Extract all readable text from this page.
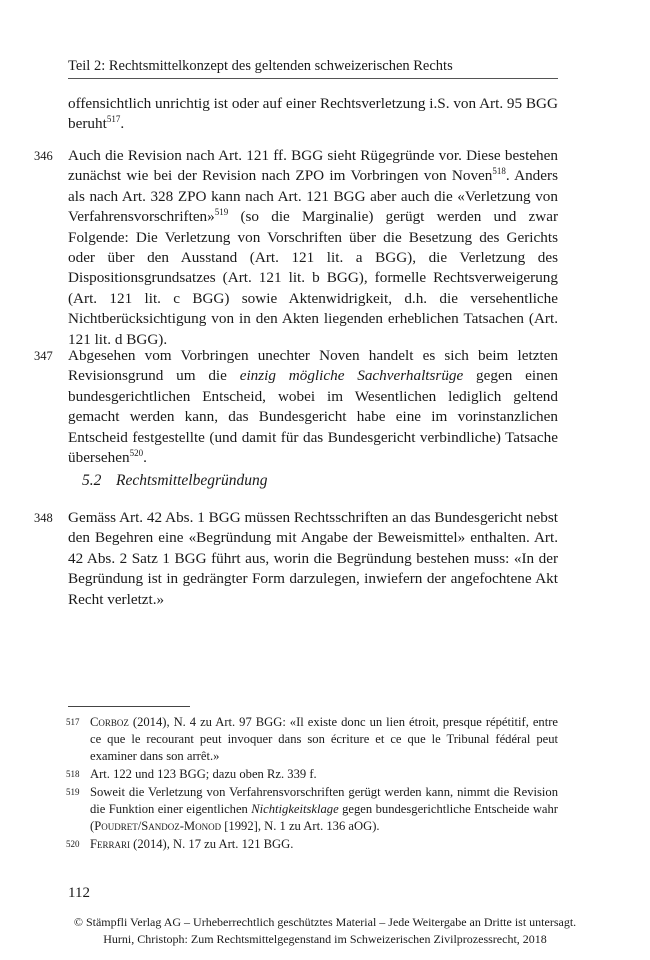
Teil 2: Rechtsmittelkonzept des geltenden schweizerischen Rechts
offensichtlich unrichtig ist oder auf einer Rechtsverletzung i.S. von Art. 95 BGG beruht$^{517}$.
346 Auch die Revision nach Art. 121 ff. BGG sieht Rügegründe vor. Diese bestehen zunächst wie bei der Revision nach ZPO im Vorbringen von Noven$^{518}$. Anders als nach Art. 328 ZPO kann nach Art. 121 BGG aber auch die «Verletzung von Verfahrensvorschriften»$^{519}$ (so die Marginalie) gerügt werden und zwar Folgende: Die Verletzung von Vorschriften über die Besetzung des Gerichts oder über den Ausstand (Art. 121 lit. a BGG), die Verletzung des Dispositionsgrundsatzes (Art. 121 lit. b BGG), formelle Rechtsverweigerung (Art. 121 lit. c BGG) sowie Aktenwidrigkeit, d.h. die versehentliche Nichtberücksichtigung von in den Akten liegenden erheblichen Tatsachen (Art. 121 lit. d BGG).
347 Abgesehen vom Vorbringen unechter Noven handelt es sich beim letzten Revisionsgrund um die einzig mögliche Sachverhaltsrüge gegen einen bundesgerichtlichen Entscheid, wobei im Wesentlichen lediglich geltend gemacht werden kann, das Bundesgericht habe eine im vorinstanzlichen Entscheid festgestellte (und damit für das Bundesgericht verbindliche) Tatsache übersehen$^{520}$.
5.2 Rechtsmittelbegründung
348 Gemäss Art. 42 Abs. 1 BGG müssen Rechtsschriften an das Bundesgericht nebst den Begehren eine «Begründung mit Angabe der Beweismittel» enthalten. Art. 42 Abs. 2 Satz 1 BGG führt aus, worin die Begründung bestehen muss: «In der Begründung ist in gedrängter Form darzulegen, inwiefern der angefochtene Akt Recht verletzt.»
517 Corboz (2014), N. 4 zu Art. 97 BGG: «Il existe donc un lien étroit, presque répétitif, entre ce que le recourant peut invoquer dans son écriture et ce que le Tribunal fédéral peut examiner dans son arrêt.»
518 Art. 122 und 123 BGG; dazu oben Rz. 339 f.
519 Soweit die Verletzung von Verfahrensvorschriften gerügt werden kann, nimmt die Revision die Funktion einer eigentlichen Nichtigkeitsklage gegen bundesgerichtliche Entscheide wahr (Poudret/Sandoz-Monod [1992], N. 1 zu Art. 136 aOG).
520 Ferrari (2014), N. 17 zu Art. 121 BGG.
112
© Stämpfli Verlag AG – Urheberrechtlich geschütztes Material – Jede Weitergabe an Dritte ist untersagt.
Hurni, Christoph: Zum Rechtsmittelgegenstand im Schweizerischen Zivilprozessrecht, 2018
